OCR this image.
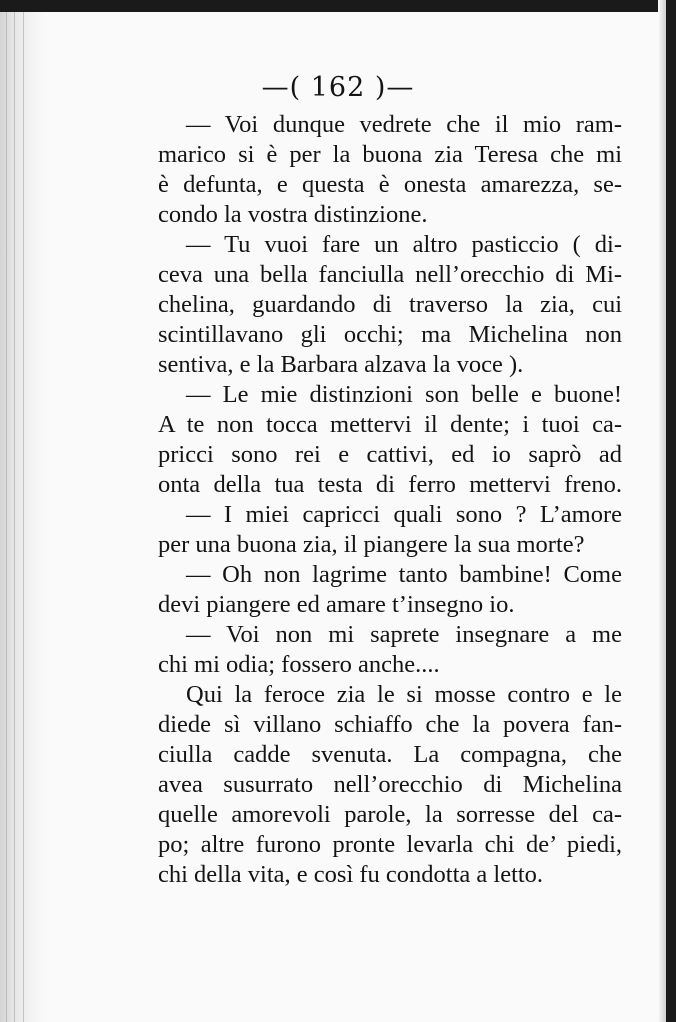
—( 162 )—
— Voi dunque vedrete che il mio ram-
marico si è per la buona zia Teresa che mi
è defunta, e questa è onesta amarezza, se-
condo la vostra distinzione.
— Tu vuoi fare un altro pasticcio ( di-
ceva una bella fanciulla nell’orecchio di Mi-
chelina, guardando di traverso la zia, cui
scintillavano gli occhi; ma Michelina non
sentiva, e la Barbara alzava la voce ).
— Le mie distinzioni son belle e buone!
A te non tocca mettervi il dente; i tuoi ca-
pricci sono rei e cattivi, ed io saprò ad
onta della tua testa di ferro mettervi freno.
— I miei capricci quali sono ? L’amore
per una buona zia, il piangere la sua morte?
— Oh non lagrime tanto bambine! Come
devi piangere ed amare t’insegno io.
— Voi non mi saprete insegnare a me
chi mi odia; fossero anche....
Qui la feroce zia le si mosse contro e le
diede sì villano schiaffo che la povera fan-
ciulla cadde svenuta. La compagna, che
avea susurrato nell’orecchio di Michelina
quelle amorevoli parole, la sorresse del ca-
po; altre furono pronte levarla chi de’ piedi,
chi della vita, e così fu condotta a letto.
